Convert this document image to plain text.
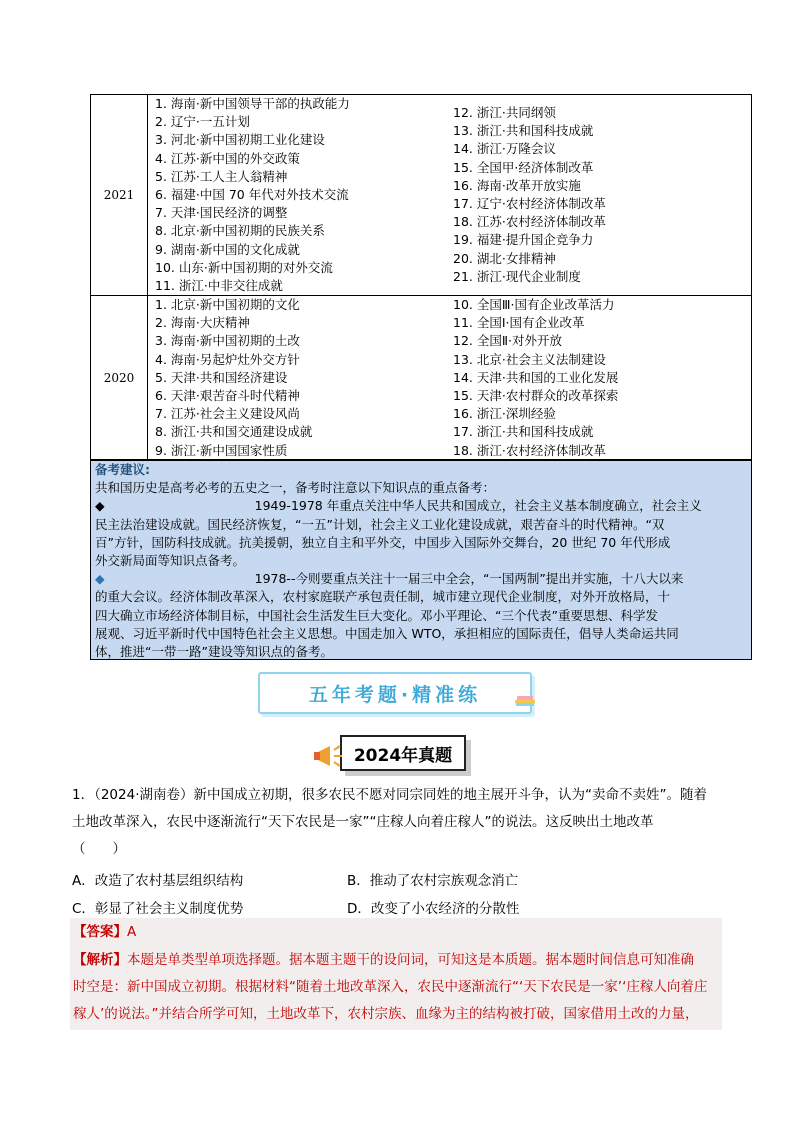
2021
1. 海南·新中国领导干部的执政能力
2. 辽宁·一五计划
3. 河北·新中国初期工业化建设
4. 江苏·新中国的外交政策
5. 江苏·工人主人翁精神
6. 福建·中国 70 年代对外技术交流
7. 天津·国民经济的调整
8. 北京·新中国初期的民族关系
9. 湖南·新中国的文化成就
10. 山东·新中国初期的对外交流
11. 浙江·中非交往成就
12. 浙江·共同纲领
13. 浙江·共和国科技成就
14. 浙江·万隆会议
15. 全国甲·经济体制改革
16. 海南·改革开放实施
17. 辽宁·农村经济体制改革
18. 江苏·农村经济体制改革
19. 福建·提升国企竞争力
20. 湖北·女排精神
21. 浙江·现代企业制度
2020
1. 北京·新中国初期的文化
2. 海南·大庆精神
3. 海南·新中国初期的土改
4. 海南·另起炉灶外交方针
5. 天津·共和国经济建设
6. 天津·艰苦奋斗时代精神
7. 江苏·社会主义建设风尚
8. 浙江·共和国交通建设成就
9. 浙江·新中国国家性质
10. 全国Ⅲ·国有企业改革活力
11. 全国Ⅰ·国有企业改革
12. 全国Ⅱ·对外开放
13. 北京·社会主义法制建设
14. 天津·共和国的工业化发展
15. 天津·农村群众的改革探索
16. 浙江·深圳经验
17. 浙江·共和国科技成就
18. 浙江·农村经济体制改革

备考建议:

共和国历史是高考必考的五史之一，备考时注意以下知识点的重点备考：

◆	1949-1978 年重点关注中华人民共和国成立，社会主义基本制度确立，社会主义

民主法治建设成就。国民经济恢复，“一五”计划，社会主义工业化建设成就，艰苦奋斗的时代精神。“双

百”方针，国防科技成就。抗美援朝，独立自主和平外交，中国步入国际外交舞台，20 世纪 70 年代形成

外交新局面等知识点备考。

◆	1978--今则要重点关注十一届三中全会，“一国两制”提出并实施，十八大以来

的重大会议。经济体制改革深入，农村家庭联产承包责任制，城市建立现代企业制度，对外开放格局，十

四大确立市场经济体制目标，中国社会生活发生巨大变化。邓小平理论、“三个代表”重要思想、科学发

展观、习近平新时代中国特色社会主义思想。中国走加入 WTO，承担相应的国际责任，倡导人类命运共同

体，推进“一带一路”建设等知识点的备考。

五年考题·精准练
2024年真题
1．（2024·湖南卷）新中国成立初期，很多农民不愿对同宗同姓的地主展开斗争，认为“卖命不卖姓”。随着
土地改革深入，农民中逐渐流行“天下农民是一家”“庄稼人向着庄稼人”的说法。这反映出土地改革
（　　）
A．改造了农村基层组织结构	B．推动了农村宗族观念消亡
C．彰显了社会主义制度优势	D．改变了小农经济的分散性
【答案】A
【解析】本题是单类型单项选择题。据本题主题干的设问词，可知这是本质题。据本题时间信息可知准确
时空是：新中国成立初期。根据材料“随着土地改革深入，农民中逐渐流行“‘天下农民是一家’‘庄稼人向着庄
稼人’的说法。”并结合所学可知，土地改革下，农村宗族、血缘为主的结构被打破，国家借用土改的力量，
